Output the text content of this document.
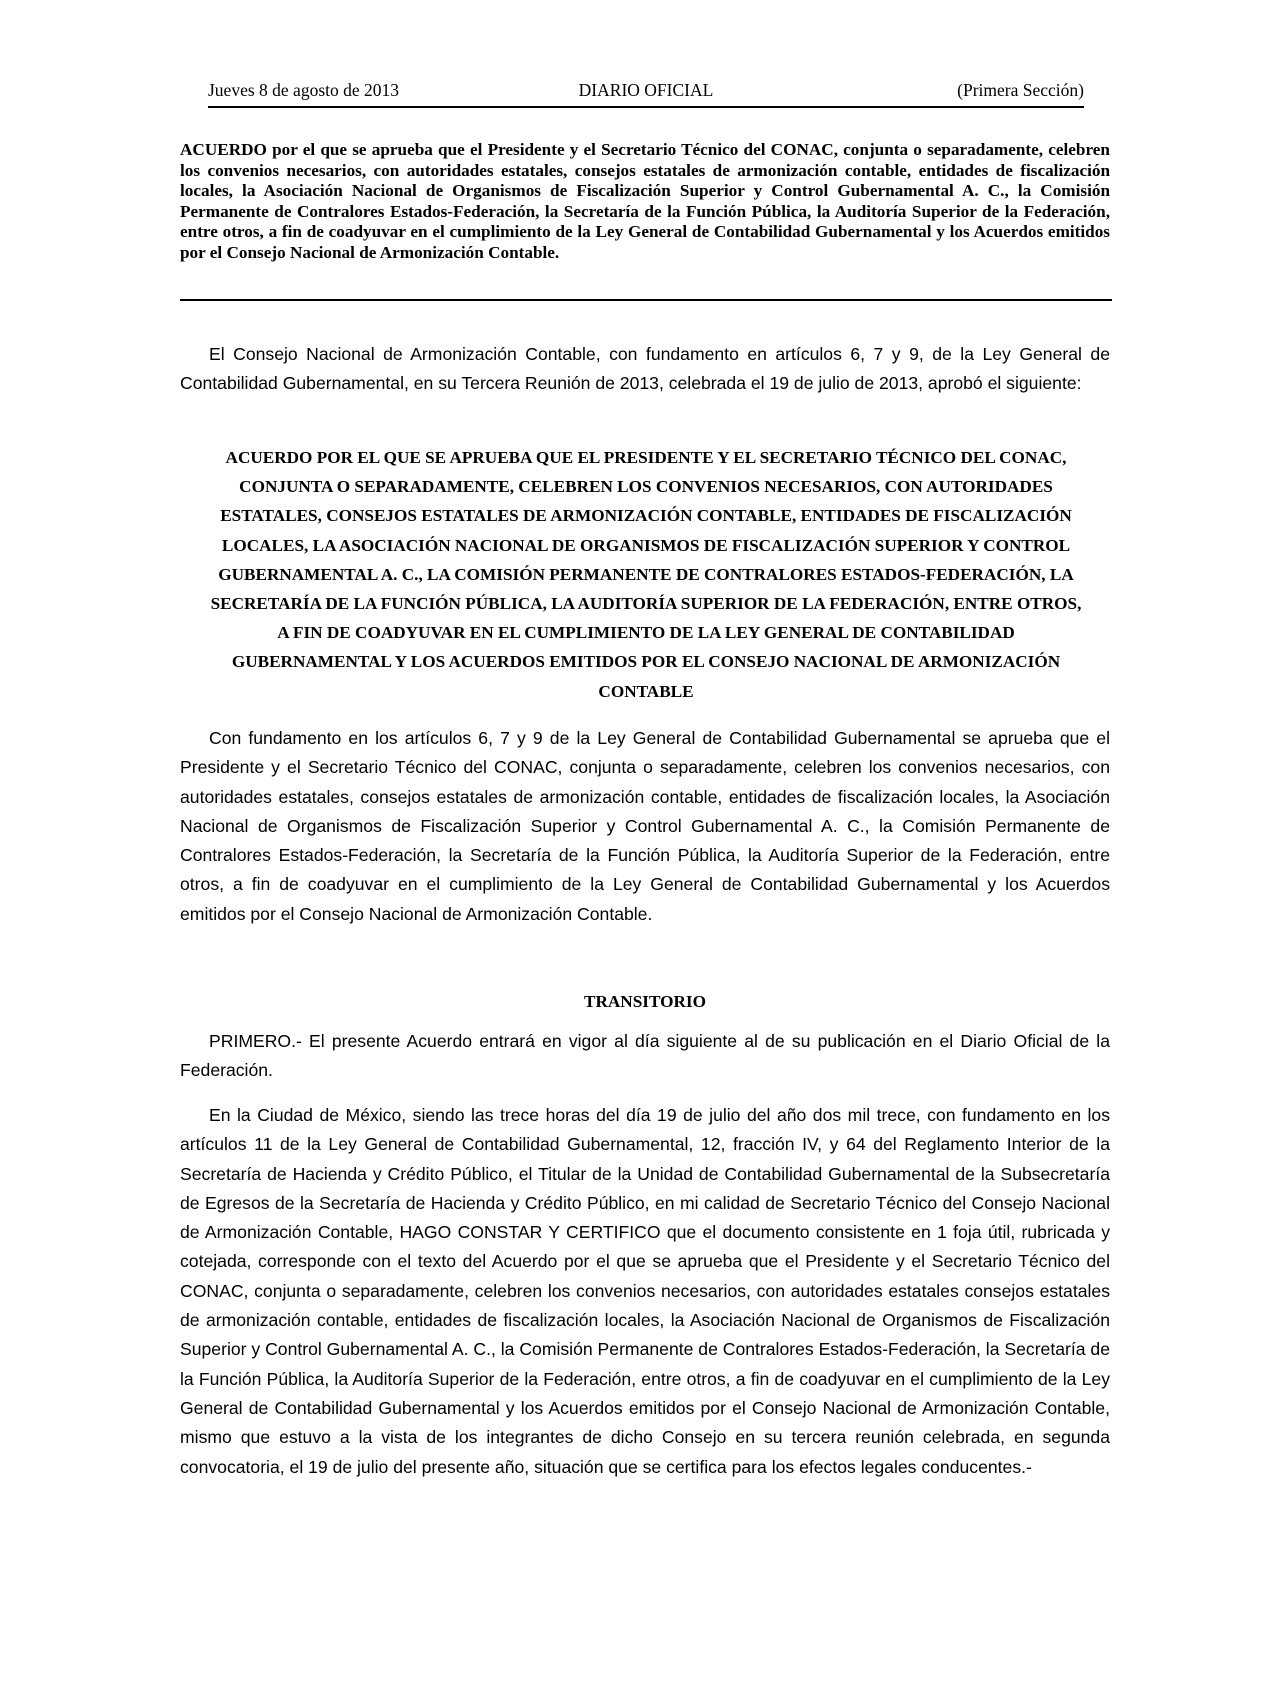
Jueves 8 de agosto de 2013	DIARIO OFICIAL	(Primera Sección)

ACUERDO por el que se aprueba que el Presidente y el Secretario Técnico del CONAC, conjunta o separadamente, celebren los convenios necesarios, con autoridades estatales, consejos estatales de armonización contable, entidades de fiscalización locales, la Asociación Nacional de Organismos de Fiscalización Superior y Control Gubernamental A. C., la Comisión Permanente de Contralores Estados-Federación, la Secretaría de la Función Pública, la Auditoría Superior de la Federación, entre otros, a fin de coadyuvar en el cumplimiento de la Ley General de Contabilidad Gubernamental y los Acuerdos emitidos por el Consejo Nacional de Armonización Contable.

El Consejo Nacional de Armonización Contable, con fundamento en artículos 6, 7 y 9, de la Ley General de Contabilidad Gubernamental, en su Tercera Reunión de 2013, celebrada el 19 de julio de 2013, aprobó el siguiente:

ACUERDO POR EL QUE SE APRUEBA QUE EL PRESIDENTE Y EL SECRETARIO TÉCNICO DEL CONAC, CONJUNTA O SEPARADAMENTE, CELEBREN LOS CONVENIOS NECESARIOS, CON AUTORIDADES ESTATALES, CONSEJOS ESTATALES DE ARMONIZACIÓN CONTABLE, ENTIDADES DE FISCALIZACIÓN LOCALES, LA ASOCIACIÓN NACIONAL DE ORGANISMOS DE FISCALIZACIÓN SUPERIOR Y CONTROL GUBERNAMENTAL A. C., LA COMISIÓN PERMANENTE DE CONTRALORES ESTADOS-FEDERACIÓN, LA SECRETARÍA DE LA FUNCIÓN PÚBLICA, LA AUDITORÍA SUPERIOR DE LA FEDERACIÓN, ENTRE OTROS, A FIN DE COADYUVAR EN EL CUMPLIMIENTO DE LA LEY GENERAL DE CONTABILIDAD GUBERNAMENTAL Y LOS ACUERDOS EMITIDOS POR EL CONSEJO NACIONAL DE ARMONIZACIÓN CONTABLE

Con fundamento en los artículos 6, 7 y 9 de la Ley General de Contabilidad Gubernamental se aprueba que el Presidente y el Secretario Técnico del CONAC, conjunta o separadamente, celebren los convenios necesarios, con autoridades estatales, consejos estatales de armonización contable, entidades de fiscalización locales, la Asociación Nacional de Organismos de Fiscalización Superior y Control Gubernamental A. C., la Comisión Permanente de Contralores Estados-Federación, la Secretaría de la Función Pública, la Auditoría Superior de la Federación, entre otros, a fin de coadyuvar en el cumplimiento de la Ley General de Contabilidad Gubernamental y los Acuerdos emitidos por el Consejo Nacional de Armonización Contable.

TRANSITORIO

PRIMERO.- El presente Acuerdo entrará en vigor al día siguiente al de su publicación en el Diario Oficial de la Federación.

En la Ciudad de México, siendo las trece horas del día 19 de julio del año dos mil trece, con fundamento en los artículos 11 de la Ley General de Contabilidad Gubernamental, 12, fracción IV, y 64 del Reglamento Interior de la Secretaría de Hacienda y Crédito Público, el Titular de la Unidad de Contabilidad Gubernamental de la Subsecretaría de Egresos de la Secretaría de Hacienda y Crédito Público, en mi calidad de Secretario Técnico del Consejo Nacional de Armonización Contable, HAGO CONSTAR Y CERTIFICO que el documento consistente en 1 foja útil, rubricada y cotejada, corresponde con el texto del Acuerdo por el que se aprueba que el Presidente y el Secretario Técnico del CONAC, conjunta o separadamente, celebren los convenios necesarios, con autoridades estatales consejos estatales de armonización contable, entidades de fiscalización locales, la Asociación Nacional de Organismos de Fiscalización Superior y Control Gubernamental A. C., la Comisión Permanente de Contralores Estados-Federación, la Secretaría de la Función Pública, la Auditoría Superior de la Federación, entre otros, a fin de coadyuvar en el cumplimiento de la Ley General de Contabilidad Gubernamental y los Acuerdos emitidos por el Consejo Nacional de Armonización Contable, mismo que estuvo a la vista de los integrantes de dicho Consejo en su tercera reunión celebrada, en segunda convocatoria, el 19 de julio del presente año, situación que se certifica para los efectos legales conducentes.-
